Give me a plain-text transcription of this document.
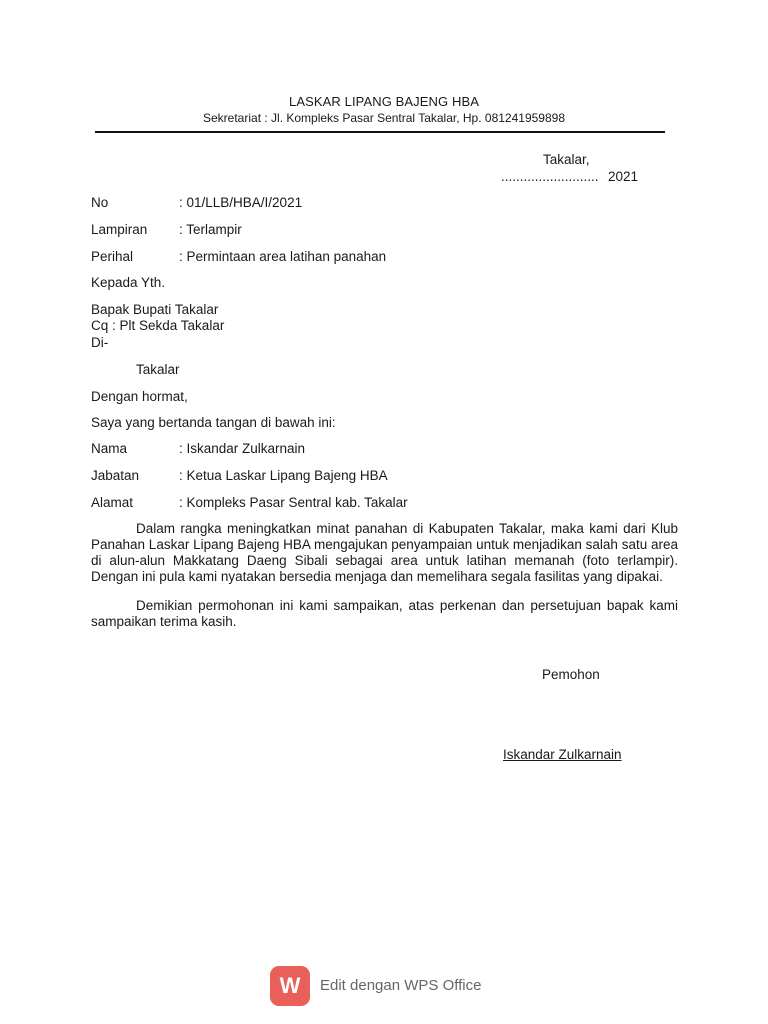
LASKAR LIPANG BAJENG HBA
Sekretariat : Jl. Kompleks Pasar Sentral Takalar, Hp. 081241959898
Takalar,
.......................... 2021
No	: 01/LLB/HBA/I/2021
Lampiran : Terlampir
Perihal	: Permintaan area latihan panahan
Kepada Yth.
Bapak Bupati Takalar
Cq : Plt Sekda Takalar
Di-
Takalar
Dengan hormat,
Saya yang bertanda tangan di bawah ini:
Nama	: Iskandar Zulkarnain
Jabatan	: Ketua Laskar Lipang Bajeng HBA
Alamat	: Kompleks Pasar Sentral kab. Takalar
Dalam rangka meningkatkan minat panahan di Kabupaten Takalar, maka kami dari Klub Panahan Laskar Lipang Bajeng HBA mengajukan penyampaian untuk menjadikan salah satu area di alun-alun Makkatang Daeng Sibali sebagai area untuk latihan memanah (foto terlampir). Dengan ini pula kami nyatakan bersedia menjaga dan memelihara segala fasilitas yang dipakai.
Demikian permohonan ini kami sampaikan, atas perkenan dan persetujuan bapak kami sampaikan terima kasih.
Pemohon
Iskandar Zulkarnain
W	Edit dengan WPS Office
